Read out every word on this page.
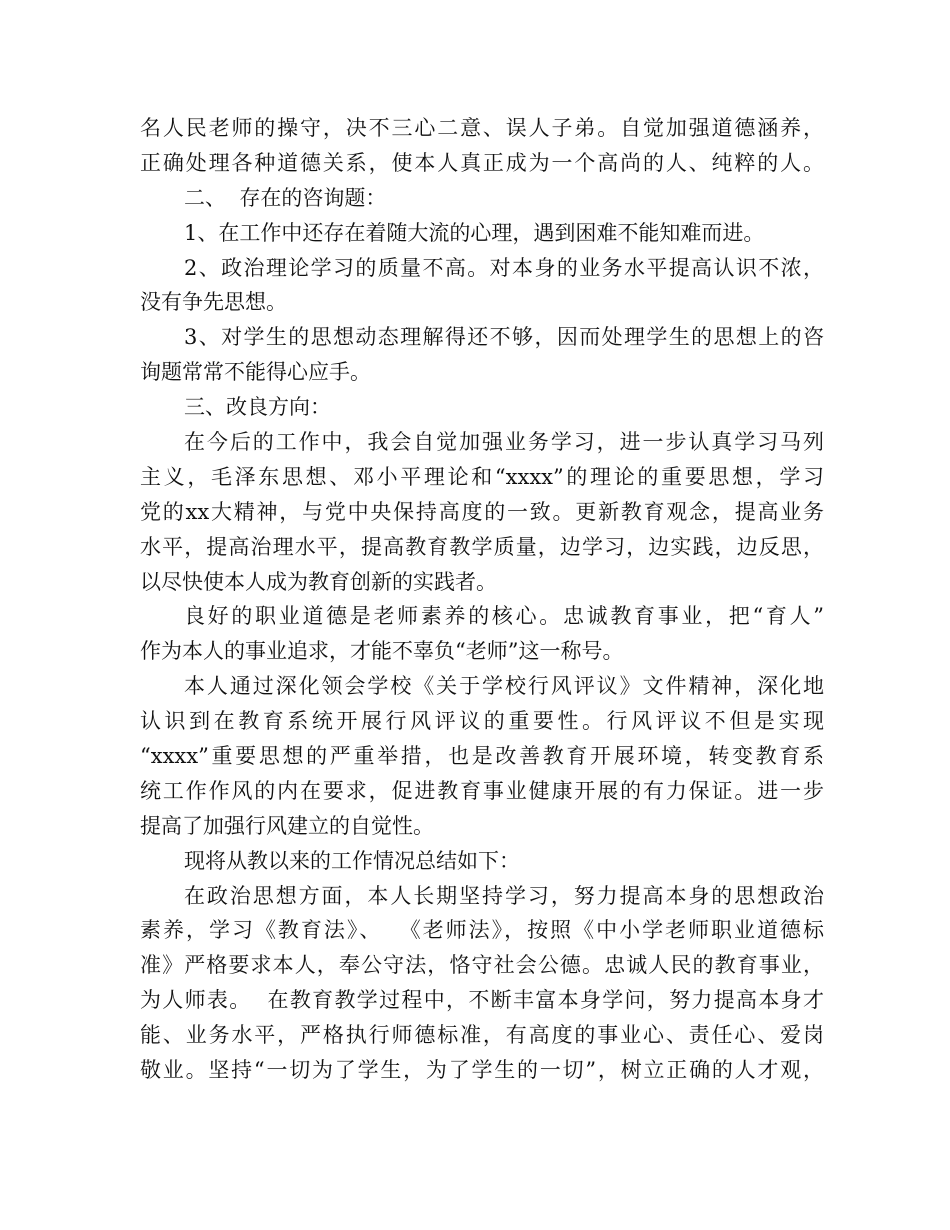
名人民老师的操守，决不三心二意、误人子弟。自觉加强道德涵养，
正确处理各种道德关系，使本人真正成为一个高尚的人、纯粹的人。
二、  存在的咨询题：
1、在工作中还存在着随大流的心理，遇到困难不能知难而进。
2、政治理论学习的质量不高。对本身的业务水平提高认识不浓，
没有争先思想。
3、对学生的思想动态理解得还不够，因而处理学生的思想上的咨
询题常常不能得心应手。
三、改良方向：
在今后的工作中，我会自觉加强业务学习，进一步认真学习马列
主义，毛泽东思想、邓小平理论和“xxxx”的理论的重要思想，学习
党的xx大精神，与党中央保持高度的一致。更新教育观念，提高业务
水平，提高治理水平，提高教育教学质量，边学习，边实践，边反思，
以尽快使本人成为教育创新的实践者。
良好的职业道德是老师素养的核心。忠诚教育事业，把“育人”
作为本人的事业追求，才能不辜负“老师”这一称号。
本人通过深化领会学校《关于学校行风评议》文件精神，深化地
认识到在教育系统开展行风评议的重要性。行风评议不但是实现
“xxxx”重要思想的严重举措，也是改善教育开展环境，转变教育系
统工作作风的内在要求，促进教育事业健康开展的有力保证。进一步
提高了加强行风建立的自觉性。
现将从教以来的工作情况总结如下：
在政治思想方面，本人长期坚持学习，努力提高本身的思想政治
素养，学习《教育法》、  《老师法》，按照《中小学老师职业道德标
准》严格要求本人，奉公守法，恪守社会公德。忠诚人民的教育事业，
为人师表。  在教育教学过程中，不断丰富本身学问，努力提高本身才
能、业务水平，严格执行师德标准，有高度的事业心、责任心、爱岗
敬业。坚持“一切为了学生，为了学生的一切”，树立正确的人才观，
